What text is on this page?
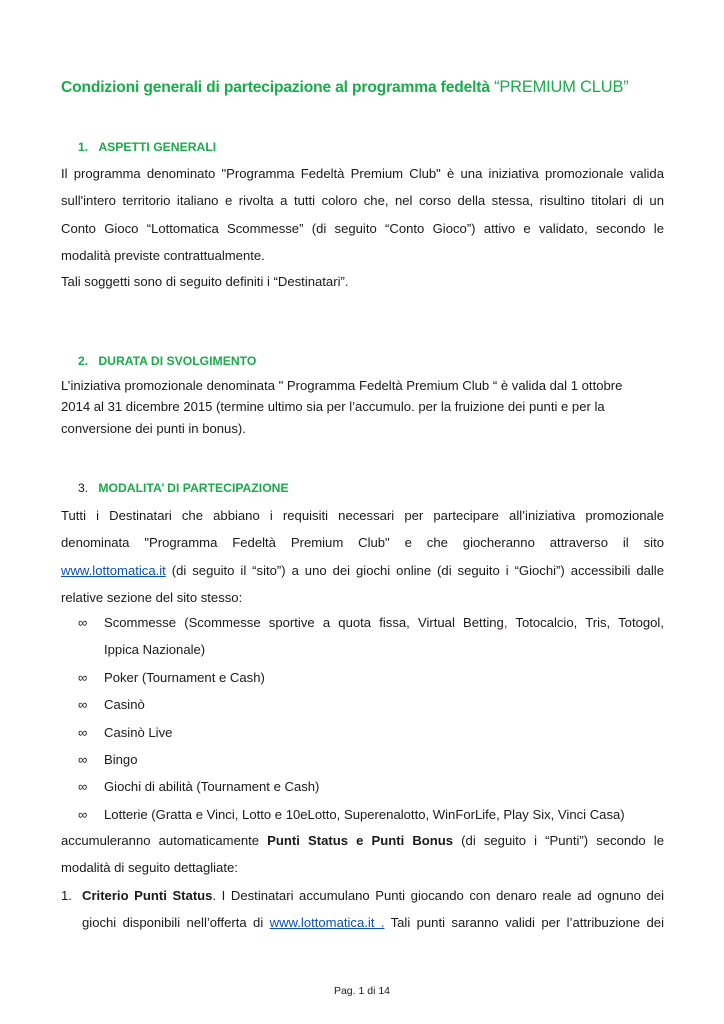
Condizioni generali di partecipazione al programma fedeltà “PREMIUM CLUB”
1. ASPETTI GENERALI
Il programma denominato "Programma Fedeltà Premium Club" è una iniziativa promozionale valida
sull'intero territorio italiano e rivolta a tutti coloro che, nel corso della stessa, risultino titolari di un
Conto Gioco “Lottomatica Scommesse” (di seguito “Conto Gioco”) attivo e validato, secondo le
modalità previste contrattualmente.
Tali soggetti sono di seguito definiti i “Destinatari”.
2. DURATA DI SVOLGIMENTO
L’iniziativa promozionale denominata " Programma Fedeltà Premium Club “ è valida dal 1 ottobre
2014 al 31 dicembre 2015 (termine ultimo sia per l’accumulo. per la fruizione dei punti e per la
conversione dei punti in bonus).
3. MODALITA’ DI PARTECIPAZIONE
Tutti i Destinatari che abbiano i requisiti necessari per partecipare all’iniziativa promozionale
denominata "Programma Fedeltà Premium Club" e che giocheranno attraverso il sito
www.lottomatica.it (di seguito il “sito”) a uno dei giochi online (di seguito i “Giochi”) accessibili dalle
relative sezione del sito stesso:
∞ Scommesse (Scommesse sportive a quota fissa, Virtual Betting, Totocalcio, Tris, Totogol,
Ippica Nazionale)
∞ Poker (Tournament e Cash)
∞ Casinò
∞ Casinò Live
∞ Bingo
∞ Giochi di abilità (Tournament e Cash)
∞ Lotterie (Gratta e Vinci, Lotto e 10eLotto, Superenalotto, WinForLife, Play Six, Vinci Casa)
accumuleranno automaticamente Punti Status e Punti Bonus (di seguito i “Punti”) secondo le
modalità di seguito dettagliate:
1. Criterio Punti Status. I Destinatari accumulano Punti giocando con denaro reale ad ognuno dei
giochi disponibili nell’offerta di www.lottomatica.it . Tali punti saranno validi per l’attribuzione dei
Pag. 1 di 14
